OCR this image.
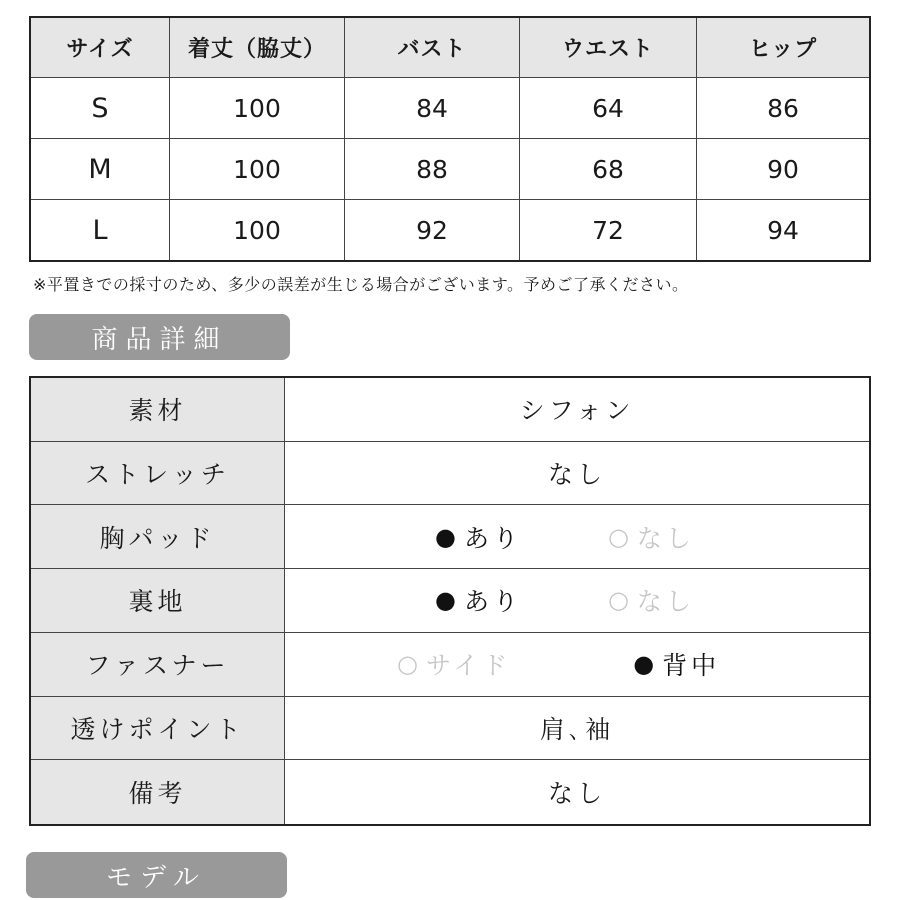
サイズ	着丈（脇丈）	バスト	ウエスト	ヒップ
S	100	84	64	86
M	100	88	68	90
L	100	92	72	94
※平置きでの採寸のため、多少の誤差が生じる場合がございます。予めご了承ください。
商品詳細
素材	シフォン
ストレッチ	なし
胸パッド	● あり	○ なし
裏地	● あり	○ なし
ファスナー	○ サイド	● 背中
透けポイント	肩､袖
備考	なし
モデル
